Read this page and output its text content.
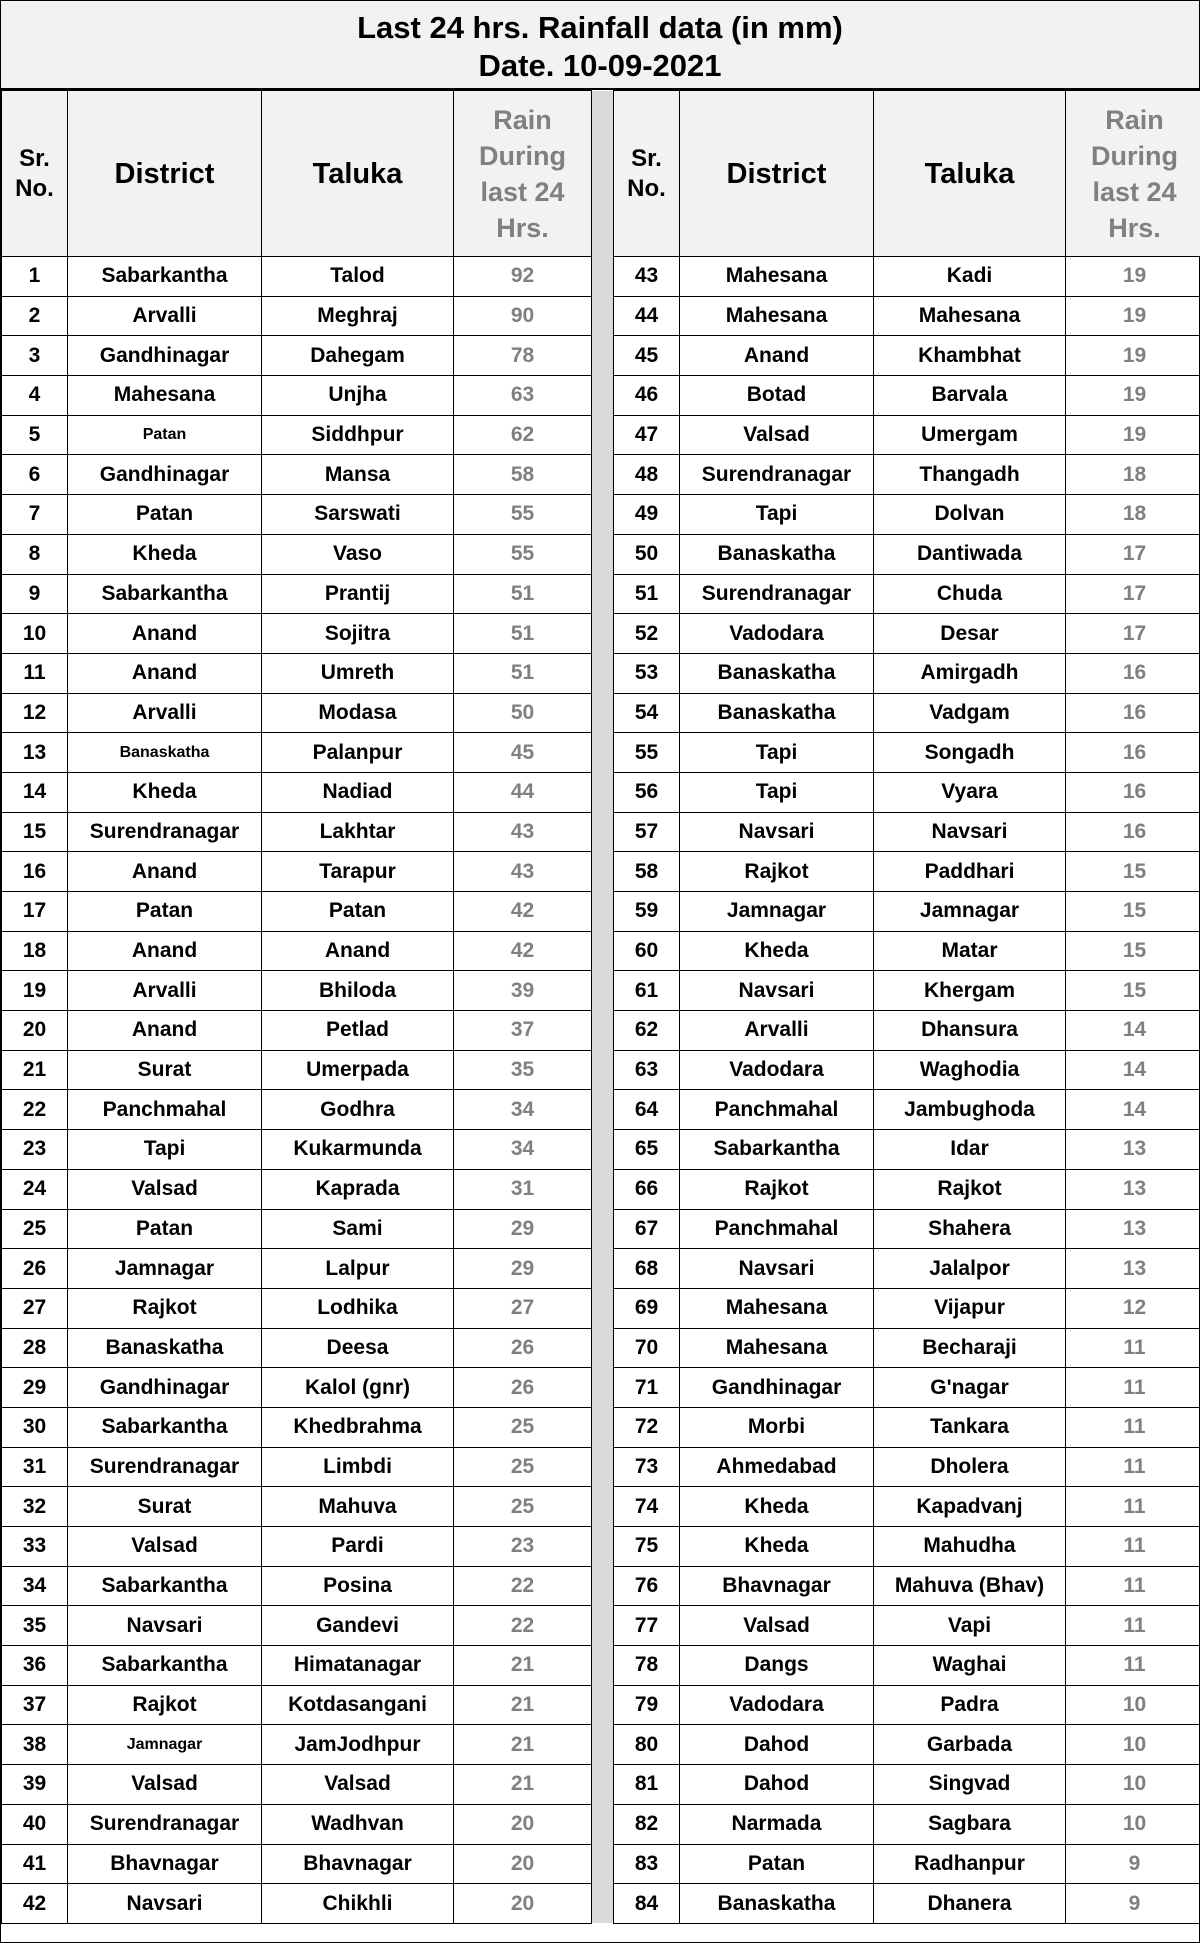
Last 24 hrs. Rainfall data (in mm)
Date. 10-09-2021
Sr.
No.	District	Taluka	Rain
During
last 24
Hrs.		Sr.
No.	District	Taluka	Rain
During
last 24
Hrs.
1	Sabarkantha	Talod	92		43	Mahesana	Kadi	19
2	Arvalli	Meghraj	90		44	Mahesana	Mahesana	19
3	Gandhinagar	Dahegam	78		45	Anand	Khambhat	19
4	Mahesana	Unjha	63		46	Botad	Barvala	19
5	Patan	Siddhpur	62		47	Valsad	Umergam	19
6	Gandhinagar	Mansa	58		48	Surendranagar	Thangadh	18
7	Patan	Sarswati	55		49	Tapi	Dolvan	18
8	Kheda	Vaso	55		50	Banaskatha	Dantiwada	17
9	Sabarkantha	Prantij	51		51	Surendranagar	Chuda	17
10	Anand	Sojitra	51		52	Vadodara	Desar	17
11	Anand	Umreth	51		53	Banaskatha	Amirgadh	16
12	Arvalli	Modasa	50		54	Banaskatha	Vadgam	16
13	Banaskatha	Palanpur	45		55	Tapi	Songadh	16
14	Kheda	Nadiad	44		56	Tapi	Vyara	16
15	Surendranagar	Lakhtar	43		57	Navsari	Navsari	16
16	Anand	Tarapur	43		58	Rajkot	Paddhari	15
17	Patan	Patan	42		59	Jamnagar	Jamnagar	15
18	Anand	Anand	42		60	Kheda	Matar	15
19	Arvalli	Bhiloda	39		61	Navsari	Khergam	15
20	Anand	Petlad	37		62	Arvalli	Dhansura	14
21	Surat	Umerpada	35		63	Vadodara	Waghodia	14
22	Panchmahal	Godhra	34		64	Panchmahal	Jambughoda	14
23	Tapi	Kukarmunda	34		65	Sabarkantha	Idar	13
24	Valsad	Kaprada	31		66	Rajkot	Rajkot	13
25	Patan	Sami	29		67	Panchmahal	Shahera	13
26	Jamnagar	Lalpur	29		68	Navsari	Jalalpor	13
27	Rajkot	Lodhika	27		69	Mahesana	Vijapur	12
28	Banaskatha	Deesa	26		70	Mahesana	Becharaji	11
29	Gandhinagar	Kalol (gnr)	26		71	Gandhinagar	G'nagar	11
30	Sabarkantha	Khedbrahma	25		72	Morbi	Tankara	11
31	Surendranagar	Limbdi	25		73	Ahmedabad	Dholera	11
32	Surat	Mahuva	25		74	Kheda	Kapadvanj	11
33	Valsad	Pardi	23		75	Kheda	Mahudha	11
34	Sabarkantha	Posina	22		76	Bhavnagar	Mahuva (Bhav)	11
35	Navsari	Gandevi	22		77	Valsad	Vapi	11
36	Sabarkantha	Himatanagar	21		78	Dangs	Waghai	11
37	Rajkot	Kotdasangani	21		79	Vadodara	Padra	10
38	Jamnagar	JamJodhpur	21		80	Dahod	Garbada	10
39	Valsad	Valsad	21		81	Dahod	Singvad	10
40	Surendranagar	Wadhvan	20		82	Narmada	Sagbara	10
41	Bhavnagar	Bhavnagar	20		83	Patan	Radhanpur	9
42	Navsari	Chikhli	20		84	Banaskatha	Dhanera	9
